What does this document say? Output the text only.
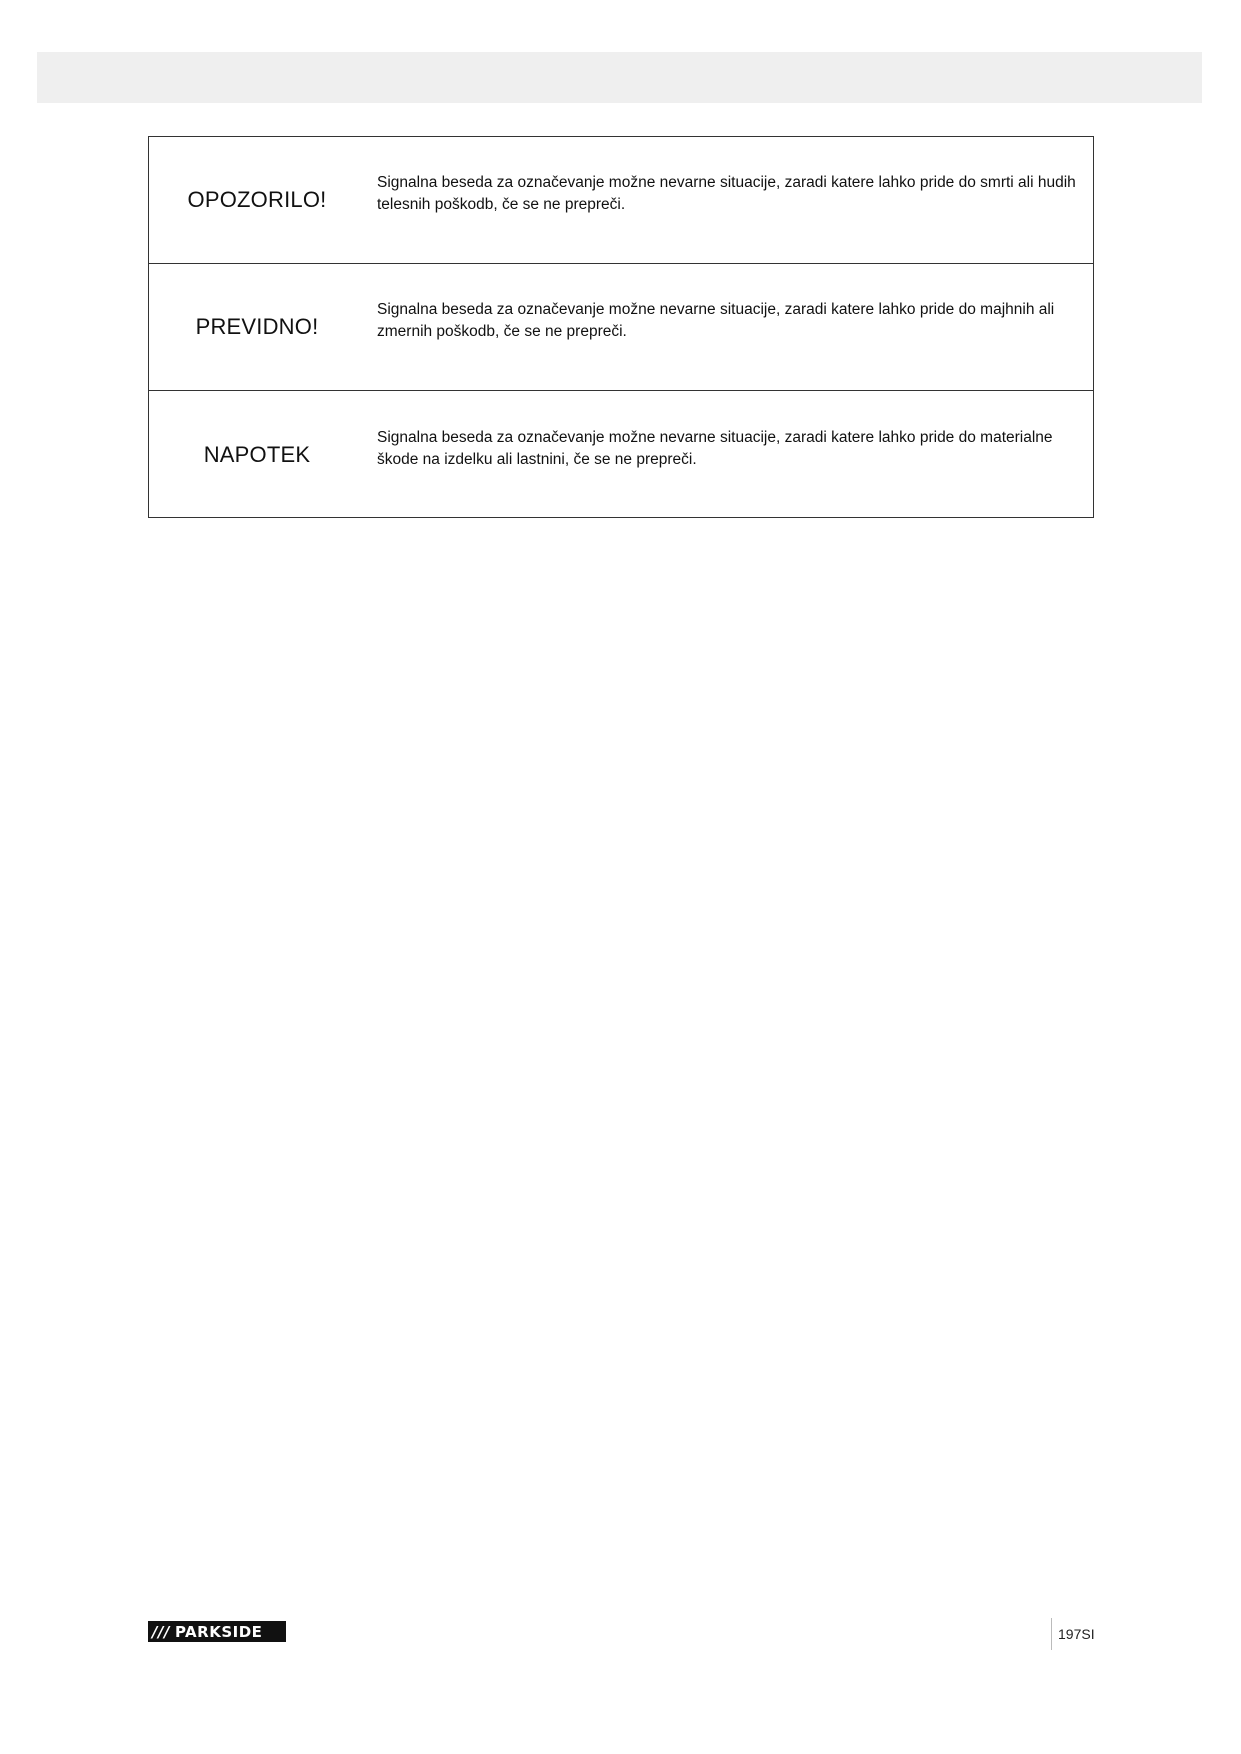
OPOZORILO!
Signalna beseda za označevanje možne nevarne situacije, zaradi katere lahko pride do smrti ali hudih telesnih poškodb, če se ne prepreči.
PREVIDNO!
Signalna beseda za označevanje možne nevarne situacije, zaradi katere lahko pride do majhnih ali zmernih poškodb, če se ne prepreči.
NAPOTEK
Signalna beseda za označevanje možne nevarne situacije, zaradi katere lahko pride do materialne škode na izdelku ali lastnini, če se ne prepreči.
/// PARKSIDE	197SI
